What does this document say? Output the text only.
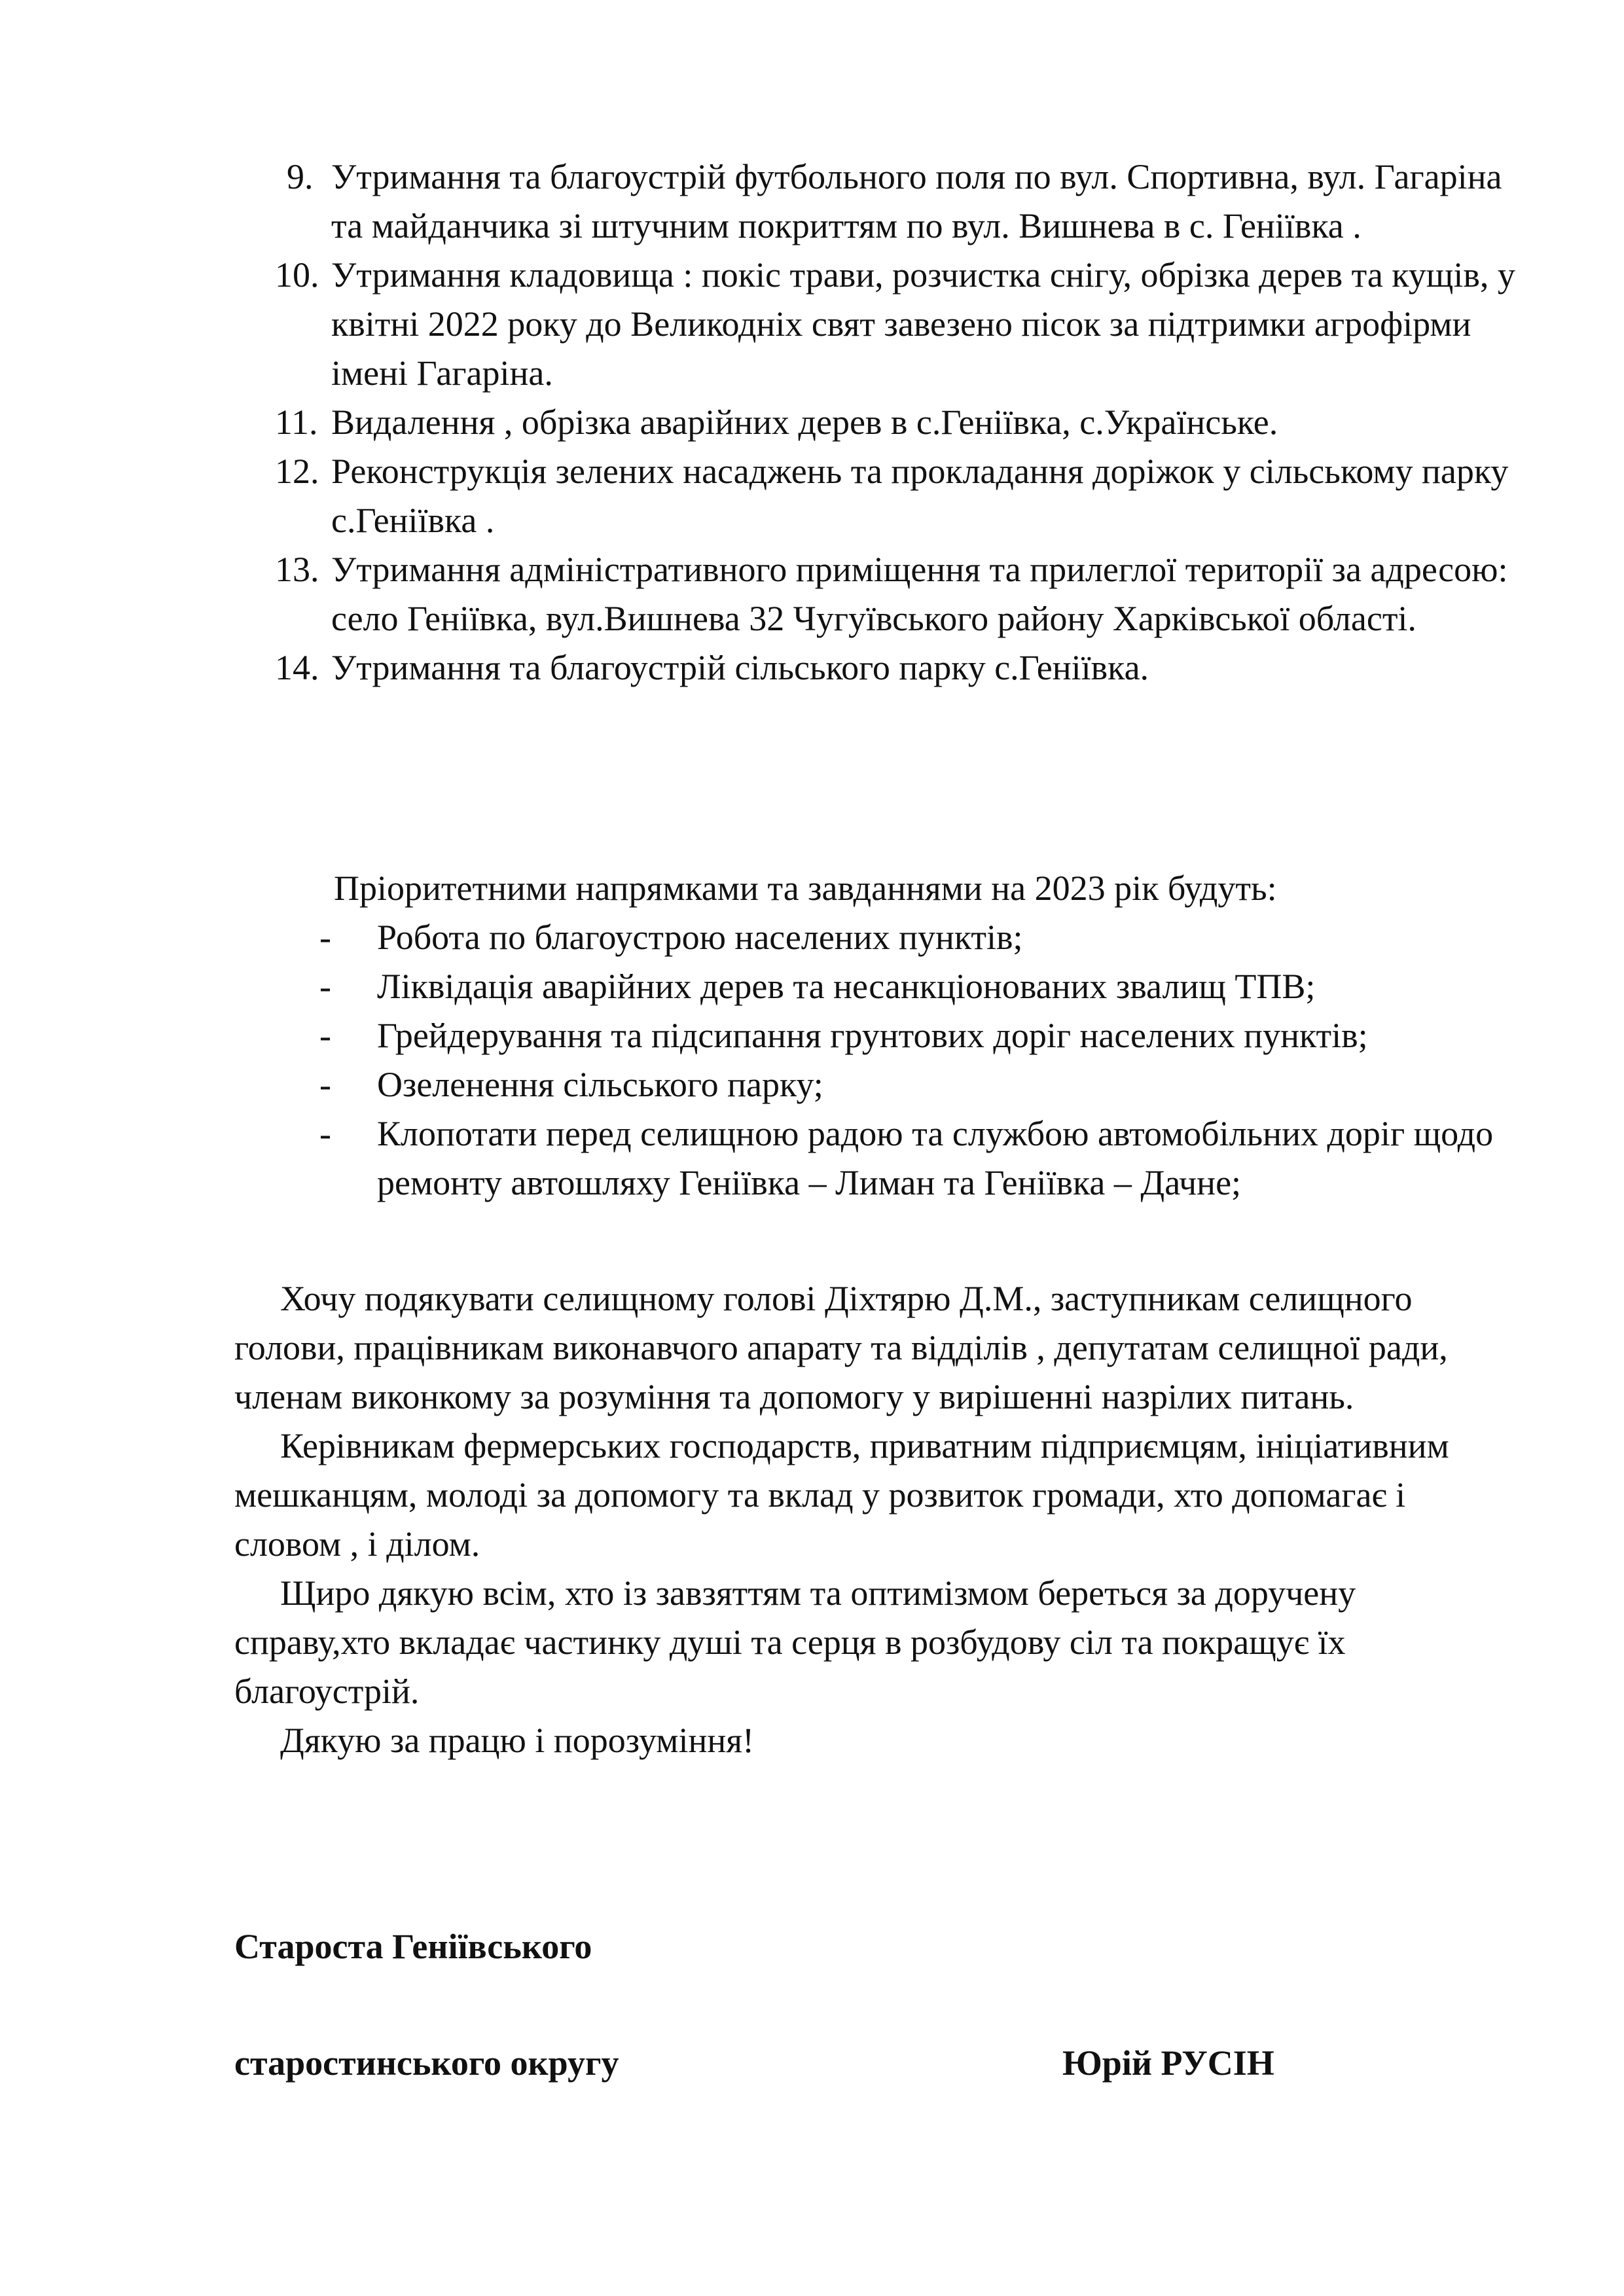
9. Утримання та благоустрій футбольного поля по вул. Спортивна, вул. Гагаріна та майданчика зі штучним покриттям по вул. Вишнева в с. Геніївка .
10. Утримання кладовища : покіс трави, розчистка снігу, обрізка дерев та кущів, у квітні 2022 року до Великодніх свят завезено пісок за підтримки агрофірми імені Гагаріна.
11. Видалення , обрізка аварійних дерев в с.Геніївка, с.Українське.
12. Реконструкція зелених насаджень та прокладання доріжок у сільському парку с.Геніївка .
13. Утримання адміністративного приміщення та прилеглої території за адресою: село Геніївка, вул.Вишнева 32 Чугуївського району Харківської області.
14. Утримання та благоустрій сільського парку с.Геніївка.

Пріоритетними напрямками та завданнями на 2023 рік будуть:

- Робота по благоустрою населених пунктів;
- Ліквідація аварійних дерев та несанкціонованих звалищ ТПВ;
- Грейдерування та підсипання грунтових доріг населених пунктів;
- Озеленення сільського парку;
- Клопотати перед селищною радою та службою автомобільних доріг щодо ремонту автошляху Геніївка – Лиман та Геніївка – Дачне;

Хочу подякувати селищному голові Діхтярю Д.М., заступникам селищного голови, працівникам виконавчого апарату та відділів , депутатам селищної ради, членам виконкому за розуміння та допомогу у вирішенні назрілих питань.

Керівникам фермерських господарств, приватним підприємцям, ініціативним мешканцям, молоді за допомогу та вклад у розвиток громади, хто допомагає і словом , і ділом.

Щиро дякую всім, хто із завзяттям та оптимізмом береться за доручену справу,хто вкладає частинку душі та серця в розбудову сіл та покращує їх благоустрій.

Дякую за працю і порозуміння!

Староста Геніївського

старостинського округу	Юрій РУСІН
